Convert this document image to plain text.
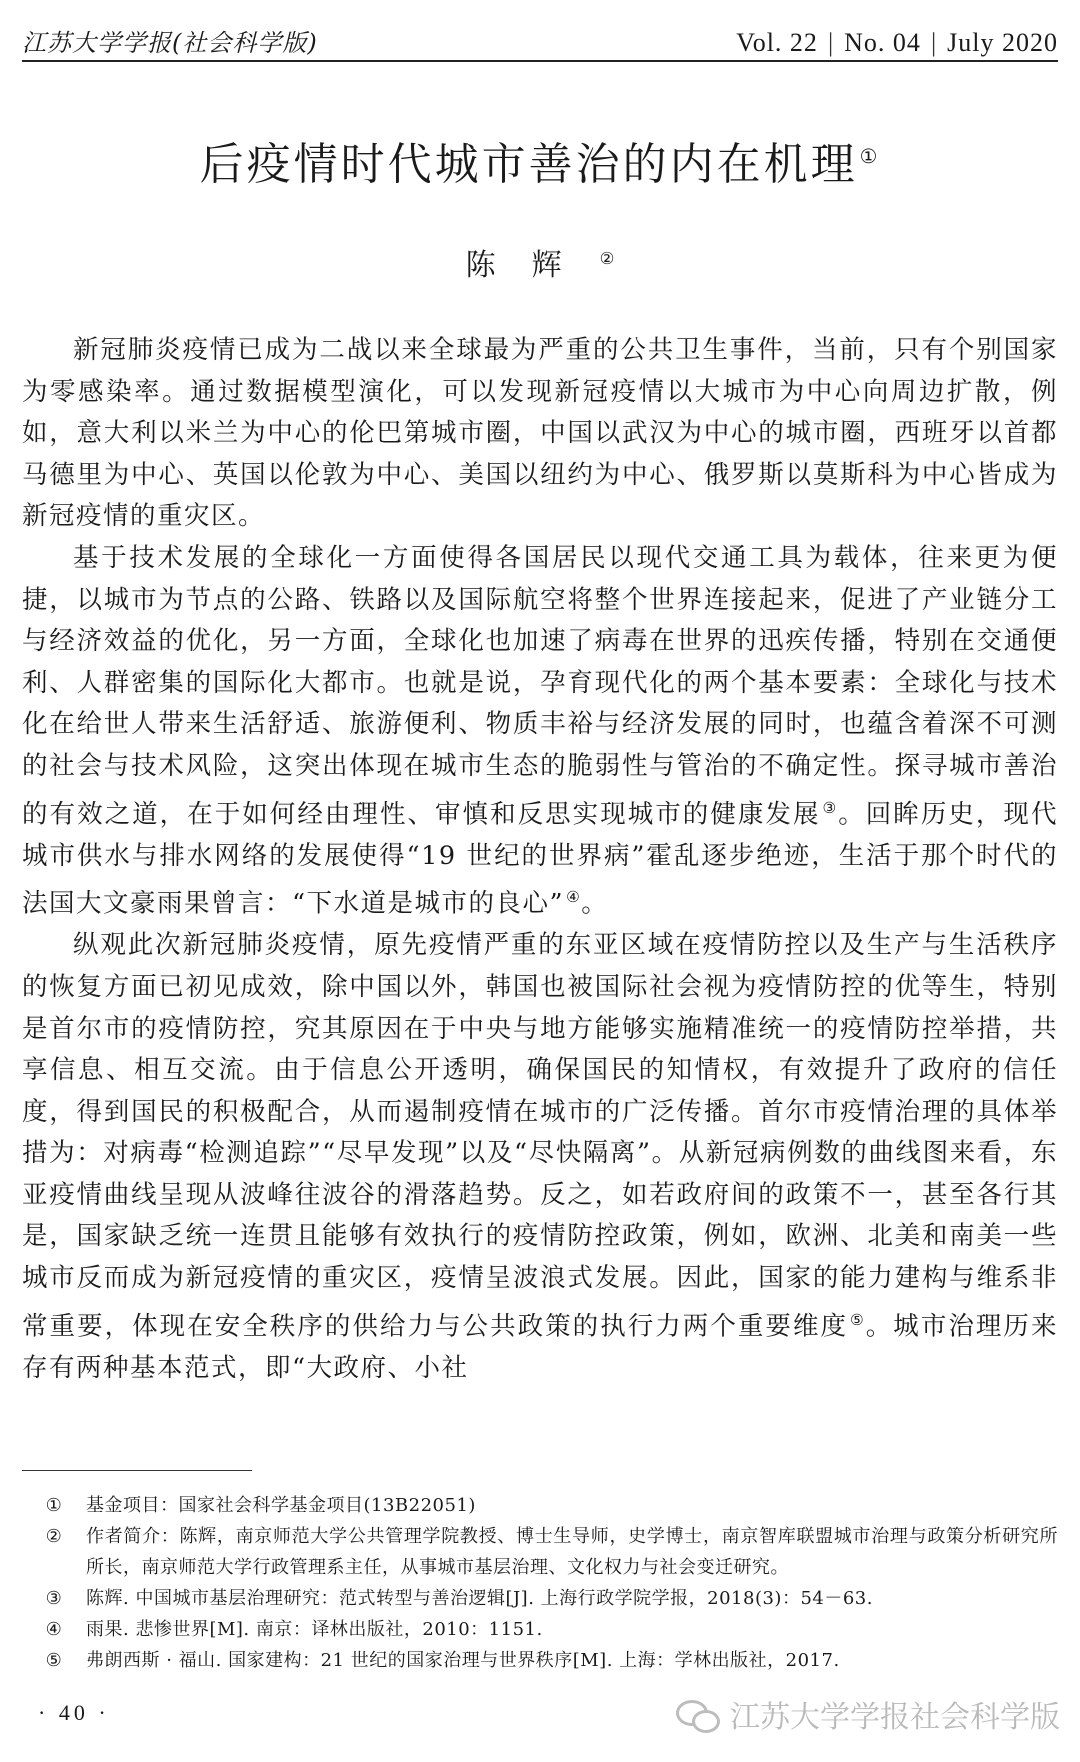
江苏大学学报(社会科学版)	Vol. 22 | No. 04 | July 2020
后疫情时代城市善治的内在机理 ①
陈辉 ②

新冠肺炎疫情已成为二战以来全球最为严重的公共卫生事件，当前，只有个别国家为零感染率。通过数据模型演化，可以发现新冠疫情以大城市为中心向周边扩散，例如，意大利以米兰为中心的伦巴第城市圈，中国以武汉为中心的城市圈，西班牙以首都马德里为中心、英国以伦敦为中心、美国以纽约为中心、俄罗斯以莫斯科为中心皆成为新冠疫情的重灾区。

基于技术发展的全球化一方面使得各国居民以现代交通工具为载体，往来更为便捷，以城市为节点的公路、铁路以及国际航空将整个世界连接起来，促进了产业链分工与经济效益的优化，另一方面，全球化也加速了病毒在世界的迅疾传播，特别在交通便利、人群密集的国际化大都市。也就是说，孕育现代化的两个基本要素：全球化与技术化在给世人带来生活舒适、旅游便利、物质丰裕与经济发展的同时，也蕴含着深不可测的社会与技术风险，这突出体现在城市生态的脆弱性与管治的不确定性。探寻城市善治的有效之道，在于如何经由理性、审慎和反思实现城市的健康发展 ③。回眸历史，现代城市供水与排水网络的发展使得“19 世纪的世界病”霍乱逐步绝迹，生活于那个时代的法国大文豪雨果曾言：“下水道是城市的良心” ④。

纵观此次新冠肺炎疫情，原先疫情严重的东亚区域在疫情防控以及生产与生活秩序的恢复方面已初见成效，除中国以外，韩国也被国际社会视为疫情防控的优等生，特别是首尔市的疫情防控，究其原因在于中央与地方能够实施精准统一的疫情防控举措，共享信息、相互交流。由于信息公开透明，确保国民的知情权，有效提升了政府的信任度，得到国民的积极配合，从而遏制疫情在城市的广泛传播。首尔市疫情治理的具体举措为：对病毒“检测追踪”“尽早发现”以及“尽快隔离”。从新冠病例数的曲线图来看，东亚疫情曲线呈现从波峰往波谷的滑落趋势。反之，如若政府间的政策不一，甚至各行其是，国家缺乏统一连贯且能够有效执行的疫情防控政策，例如，欧洲、北美和南美一些城市反而成为新冠疫情的重灾区，疫情呈波浪式发展。因此，国家的能力建构与维系非常重要，体现在安全秩序的供给力与公共政策的执行力两个重要维度 ⑤。城市治理历来存有两种基本范式，即“大政府、小社

①	基金项目：国家社会科学基金项目(13B22051)
②	作者简介：陈辉，南京师范大学公共管理学院教授、博士生导师，史学博士，南京智库联盟城市治理与政策分析研究所所长，南京师范大学行政管理系主任，从事城市基层治理、文化权力与社会变迁研究。
③	陈辉. 中国城市基层治理研究：范式转型与善治逻辑[J]. 上海行政学院学报，2018(3)：54－63.
④	雨果. 悲惨世界[M]. 南京：译林出版社，2010：1151.
⑤	弗朗西斯 · 福山. 国家建构：21 世纪的国家治理与世界秩序[M]. 上海：学林出版社，2017.
· 40 ·	江苏大学学报社会科学版
